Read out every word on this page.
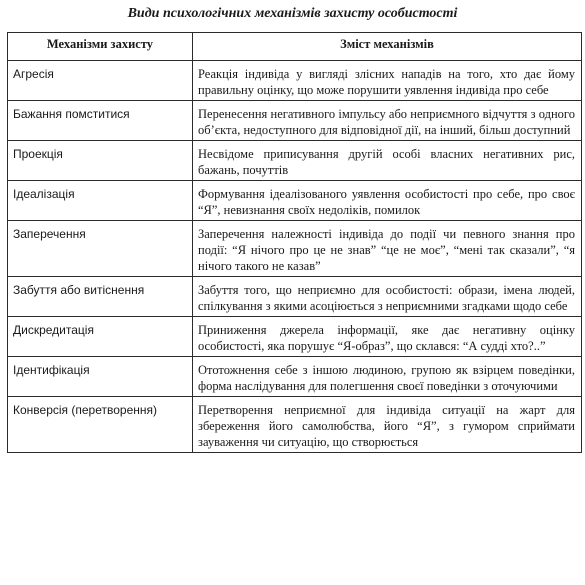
Види психологічних механізмів захисту особистості
Механізми захисту	Зміст механізмів
Агресія	Реакція індивіда у вигляді злісних нападів на того, хто дає йому правильну оцінку, що може порушити уявлення індивіда про себе
Бажання помститися	Перенесення негативного імпульсу або неприємного відчуття з одного об’єкта, недоступного для відповідної дії, на інший, більш доступний
Проекція	Несвідоме приписування другій особі власних негативних рис, бажань, почуттів
Ідеалізація	Формування ідеалізованого уявлення особистості про себе, про своє “Я”, невизнання своїх недоліків, помилок
Заперечення	Заперечення належності індивіда до події чи певного знання про події: “Я нічого про це не знав” “це не моє”, “мені так сказали”, “я нічого такого не казав”
Забуття або витіснення	Забуття того, що неприємно для особистості: образи, імена людей, спілкування з якими асоціюється з неприємними згадками щодо себе
Дискредитація	Приниження джерела інформації, яке дає негативну оцінку особистості, яка порушує “Я-образ”, що склався: “А судді хто?..”
Ідентифікація	Ототожнення себе з іншою людиною, групою як взірцем поведінки, форма наслідування для полегшення своєї поведінки з оточуючими
Конверсія (перетворення)	Перетворення неприємної для індивіда ситуації на жарт для збереження його самолюбства, його “Я”, з гумором сприймати зауваження чи ситуацію, що створюється
